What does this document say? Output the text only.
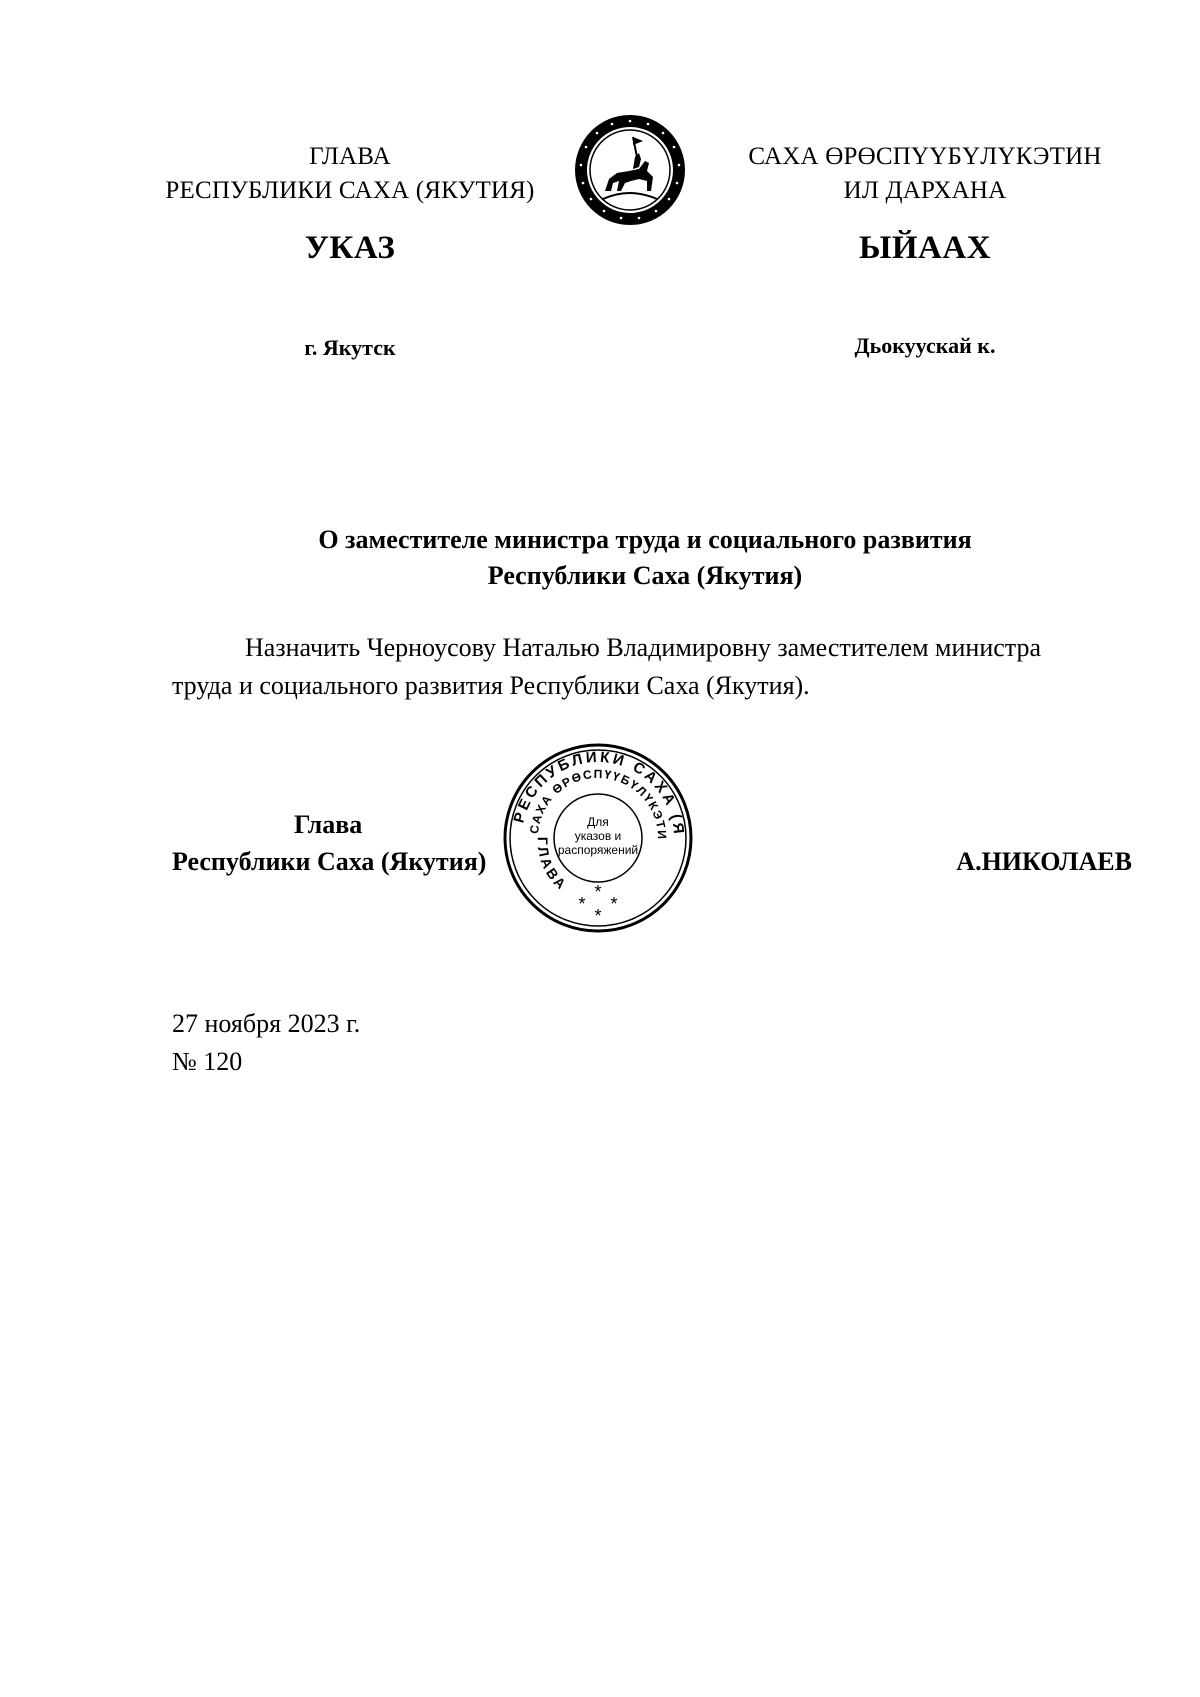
ГЛАВА
РЕСПУБЛИКИ САХА (ЯКУТИЯ)
САХА ӨРӨСПҮҮБҮЛҮКЭТИН
ИЛ ДАРХАНА
УКАЗ	ЫЙААХ
г. Якутск	Дьокуускай к.
О заместителе министра труда и социального развития
Республики Саха (Якутия)
Назначить Черноусову Наталью Владимировну заместителем министра
труда и социального развития Республики Саха (Якутия).
Глава
Республики Саха (Якутия)
РЕСПУБЛИКИ САХА (Я
САХА ӨРӨСПҮҮБҮЛҮКЭТИ
ГЛАВА
Для
указов и
распоряжений
*
* *
*
А.НИКОЛАЕВ
27 ноября 2023 г.
№ 120
